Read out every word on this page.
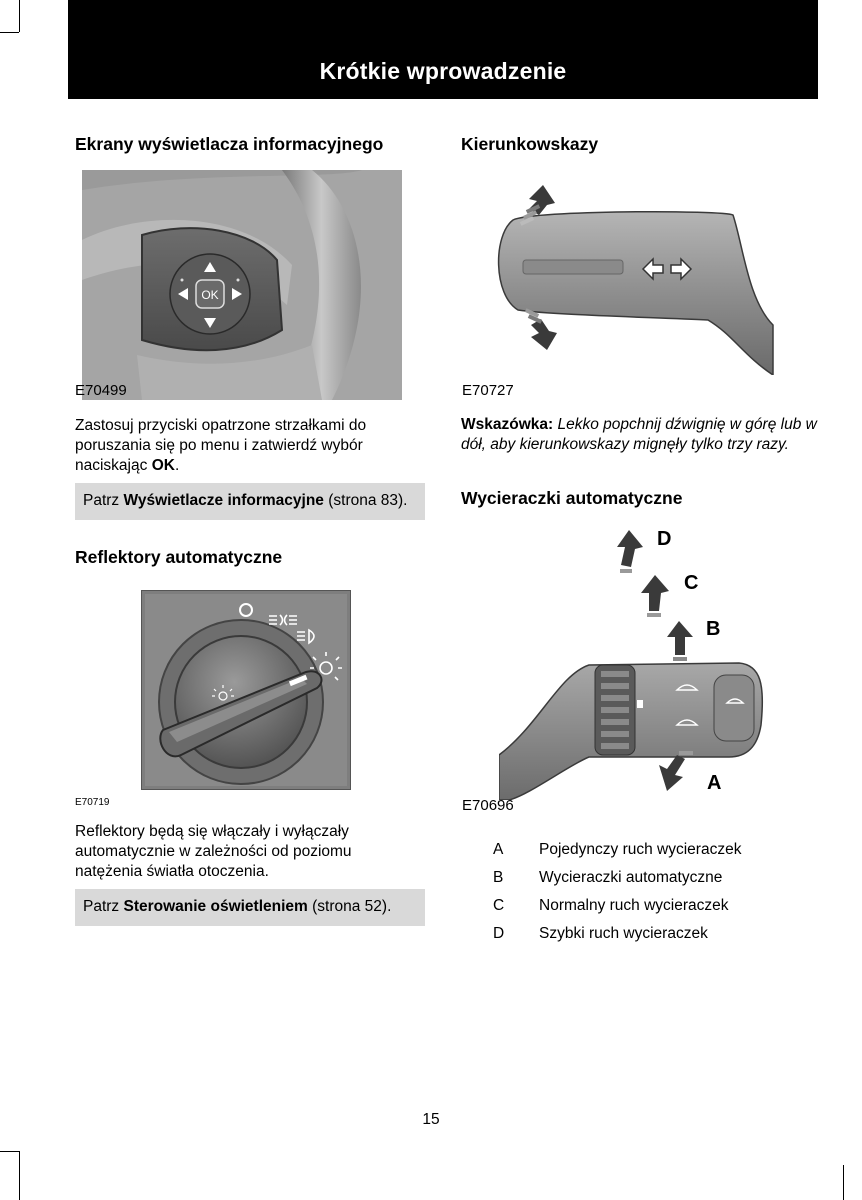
Krótkie wprowadzenie
Ekrany wyświetlacza informacyjnego
OK
E70499

Zastosuj przyciski opatrzone strzałkami do poruszania się po menu i zatwierdź wybór naciskając OK.

Patrz Wyświetlacze informacyjne (strona 83).
Reflektory automatyczne
E70719

Reflektory będą się włączały i wyłączały automatycznie w zależności od poziomu natężenia światła otoczenia.

Patrz Sterowanie oświetleniem (strona 52).
Kierunkowskazy
E70727

Wskazówka: Lekko popchnij dźwignię w górę lub w dół, aby kierunkowskazy mignęły tylko trzy razy.

Wycieraczki automatyczne
D
C
B
A
E70696
A	Pojedynczy ruch wycieraczek
B	Wycieraczki automatyczne
C	Normalny ruch wycieraczek
D	Szybki ruch wycieraczek
15
